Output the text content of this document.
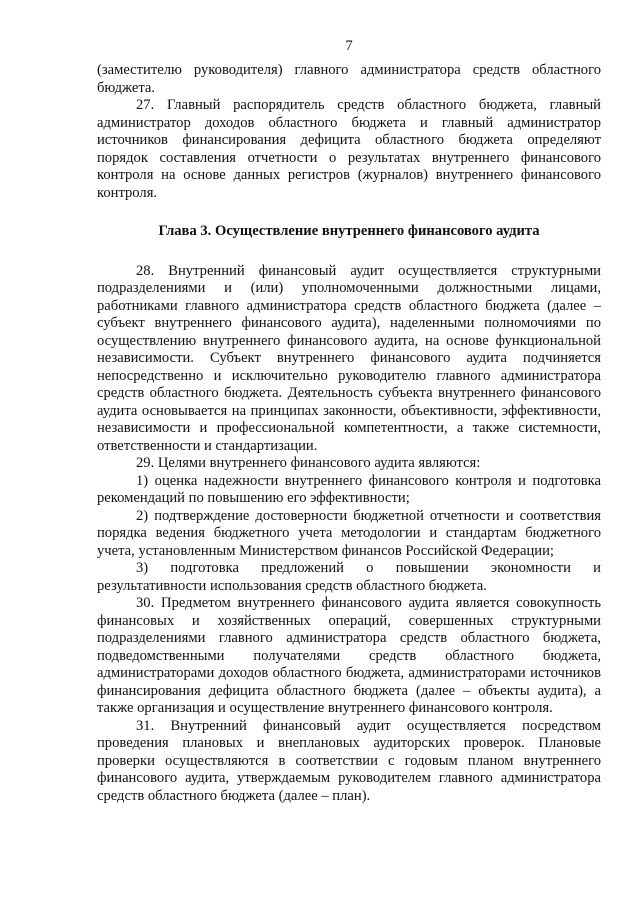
7

(заместителю руководителя) главного администратора средств областного бюджета.

27. Главный распорядитель средств областного бюджета, главный администратор доходов областного бюджета и главный администратор источников финансирования дефицита областного бюджета определяют порядок составления отчетности о результатах внутреннего финансового контроля на основе данных регистров (журналов) внутреннего финансового контроля.

Глава 3. Осуществление внутреннего финансового аудита

28. Внутренний финансовый аудит осуществляется структурными подразделениями и (или) уполномоченными должностными лицами, работниками главного администратора средств областного бюджета (далее – субъект внутреннего финансового аудита), наделенными полномочиями по осуществлению внутреннего финансового аудита, на основе функциональной независимости. Субъект внутреннего финансового аудита подчиняется непосредственно и исключительно руководителю главного администратора средств областного бюджета. Деятельность субъекта внутреннего финансового аудита основывается на принципах законности, объективности, эффективности, независимости и профессиональной компетентности, а также системности, ответственности и стандартизации.

29. Целями внутреннего финансового аудита являются:

1) оценка надежности внутреннего финансового контроля и подготовка рекомендаций по повышению его эффективности;

2) подтверждение достоверности бюджетной отчетности и соответствия порядка ведения бюджетного учета методологии и стандартам бюджетного учета, установленным Министерством финансов Российской Федерации;

3) подготовка предложений о повышении экономности и результативности использования средств областного бюджета.

30. Предметом внутреннего финансового аудита является совокупность финансовых и хозяйственных операций, совершенных структурными подразделениями главного администратора средств областного бюджета, подведомственными получателями средств областного бюджета, администраторами доходов областного бюджета, администраторами источников финансирования дефицита областного бюджета (далее – объекты аудита), а также организация и осуществление внутреннего финансового контроля.

31. Внутренний финансовый аудит осуществляется посредством проведения плановых и внеплановых аудиторских проверок. Плановые проверки осуществляются в соответствии с годовым планом внутреннего финансового аудита, утверждаемым руководителем главного администратора средств областного бюджета (далее – план).
